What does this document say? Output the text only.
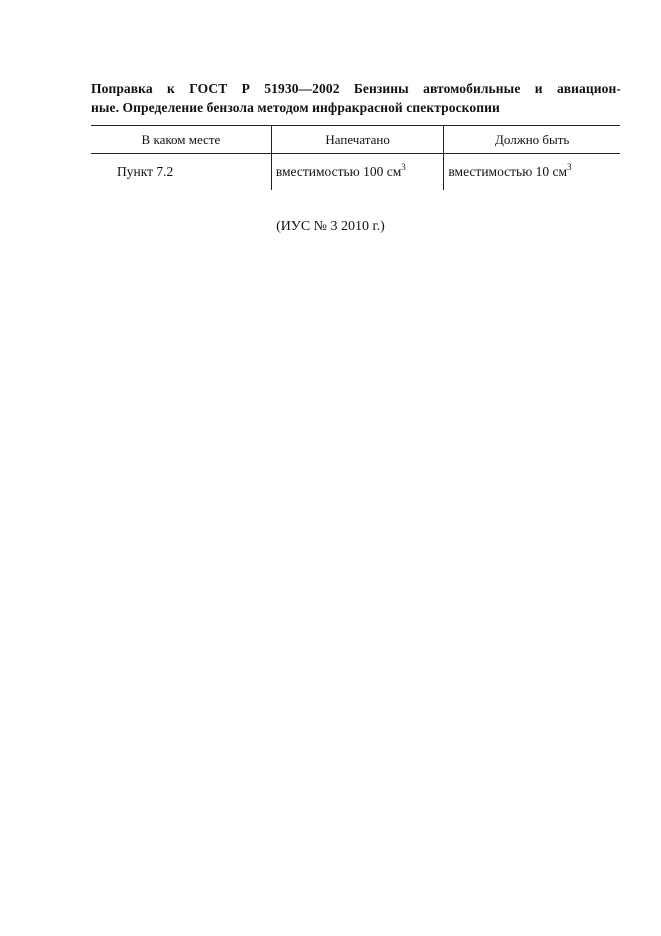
Поправка к ГОСТ Р 51930—2002 Бензины автомобильные и авиацион-
ные. Определение бензола методом инфракрасной спектроскопии
В каком месте	Напечатано	Должно быть
Пункт 7.2	вместимостью 100 $см^3$	вместимостью 10 $см^3$
(ИУС № 3 2010 г.)
